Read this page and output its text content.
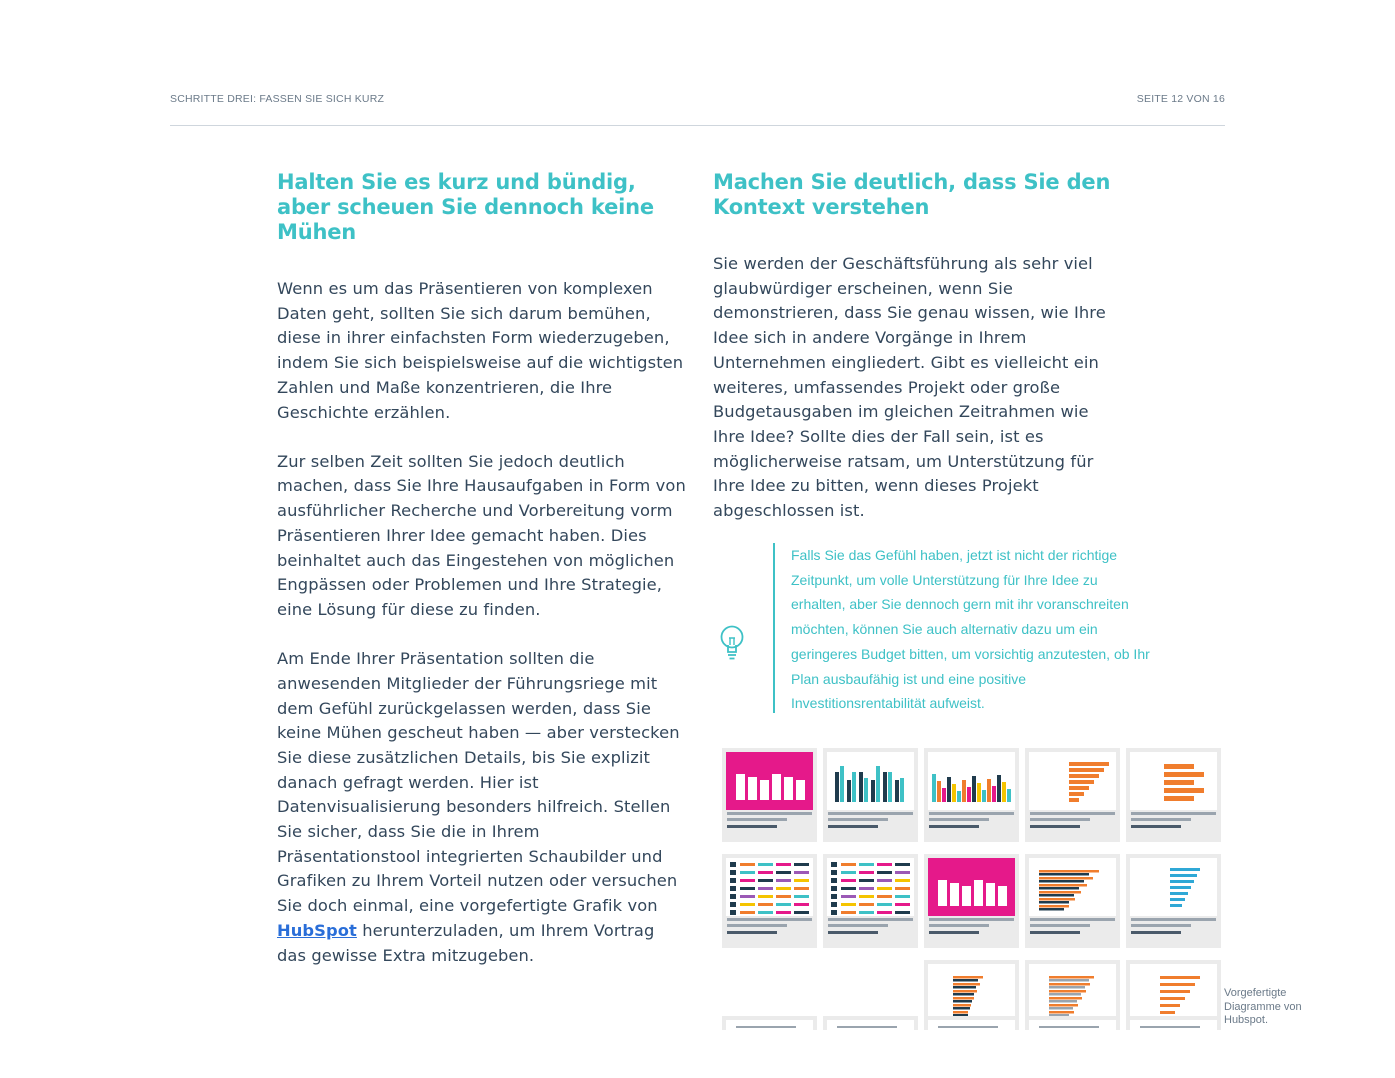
SCHRITTE DREI: FASSEN SIE SICH KURZ	SEITE 12 VON 16
Halten Sie es kurz und bündig, aber scheuen Sie dennoch keine Mühen

Wenn es um das Präsentieren von komplexen Daten geht, sollten Sie sich darum bemühen, diese in ihrer einfachsten Form wiederzugeben, indem Sie sich beispielsweise auf die wichtigsten Zahlen und Maße konzentrieren, die Ihre Geschichte erzählen.

Zur selben Zeit sollten Sie jedoch deutlich machen, dass Sie Ihre Hausaufgaben in Form von ausführlicher Recherche und Vorbereitung vorm Präsentieren Ihrer Idee gemacht haben. Dies beinhaltet auch das Eingestehen von möglichen Engpässen oder Problemen und Ihre Strategie, eine Lösung für diese zu finden.

Am Ende Ihrer Präsentation sollten die anwesenden Mitglieder der Führungsriege mit dem Gefühl zurückgelassen werden, dass Sie keine Mühen gescheut haben — aber verstecken Sie diese zusätzlichen Details, bis Sie explizit danach gefragt werden. Hier ist Datenvisualisierung besonders hilfreich. Stellen Sie sicher, dass Sie die in Ihrem Präsentationstool integrierten Schaubilder und Grafiken zu Ihrem Vorteil nutzen oder versuchen Sie doch einmal, eine vorgefertigte Grafik von HubSpot herunterzuladen, um Ihrem Vortrag das gewisse Extra mitzugeben.

Machen Sie deutlich, dass Sie den Kontext verstehen

Sie werden der Geschäftsführung als sehr viel glaubwürdiger erscheinen, wenn Sie demonstrieren, dass Sie genau wissen, wie Ihre Idee sich in andere Vorgänge in Ihrem Unternehmen eingliedert. Gibt es vielleicht ein weiteres, umfassendes Projekt oder große Budgetausgaben im gleichen Zeitrahmen wie Ihre Idee? Sollte dies der Fall sein, ist es möglicherweise ratsam, um Unterstützung für Ihre Idee zu bitten, wenn dieses Projekt abgeschlossen ist.

Falls Sie das Gefühl haben, jetzt ist nicht der richtige Zeitpunkt, um volle Unterstützung für Ihre Idee zu erhalten, aber Sie dennoch gern mit ihr voranschreiten möchten, können Sie auch alternativ dazu um ein geringeres Budget bitten, um vorsichtig anzutesten, ob Ihr Plan ausbaufähig ist und eine positive Investitionsrentabilität aufweist.

Vorgefertigte Diagramme von Hubspot.
